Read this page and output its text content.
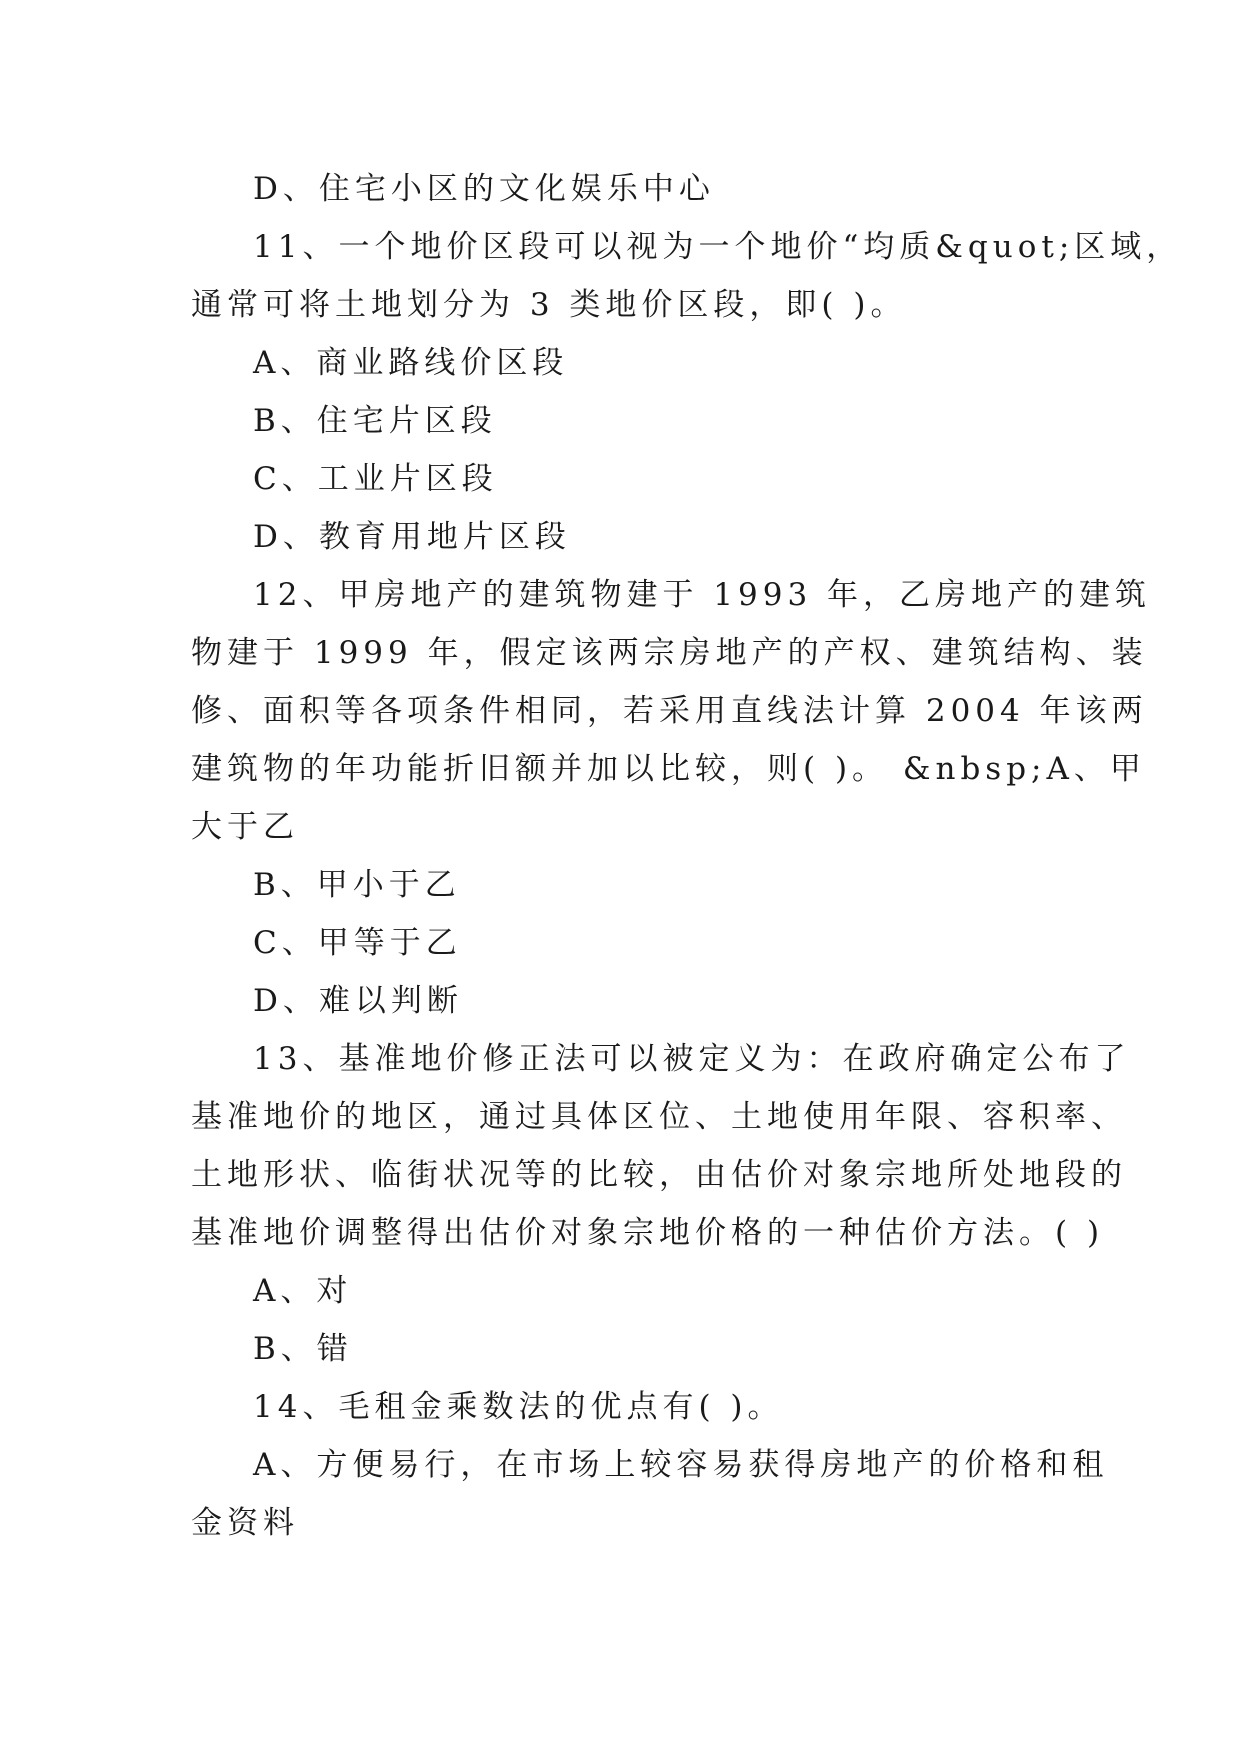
D、住宅小区的文化娱乐中心
11、一个地价区段可以视为一个地价“均质&quot;区域，
通常可将土地划分为 3 类地价区段，即( )。
A、商业路线价区段
B、住宅片区段
C、工业片区段
D、教育用地片区段
12、甲房地产的建筑物建于 1993 年，乙房地产的建筑
物建于 1999 年，假定该两宗房地产的产权、建筑结构、装
修、面积等各项条件相同，若采用直线法计算 2004 年该两
建筑物的年功能折旧额并加以比较，则( )。 &nbsp;A、甲
大于乙
B、甲小于乙
C、甲等于乙
D、难以判断
13、基准地价修正法可以被定义为：在政府确定公布了
基准地价的地区，通过具体区位、土地使用年限、容积率、
土地形状、临街状况等的比较，由估价对象宗地所处地段的
基准地价调整得出估价对象宗地价格的一种估价方法。( )
A、对
B、错
14、毛租金乘数法的优点有( )。
A、方便易行，在市场上较容易获得房地产的价格和租
金资料
